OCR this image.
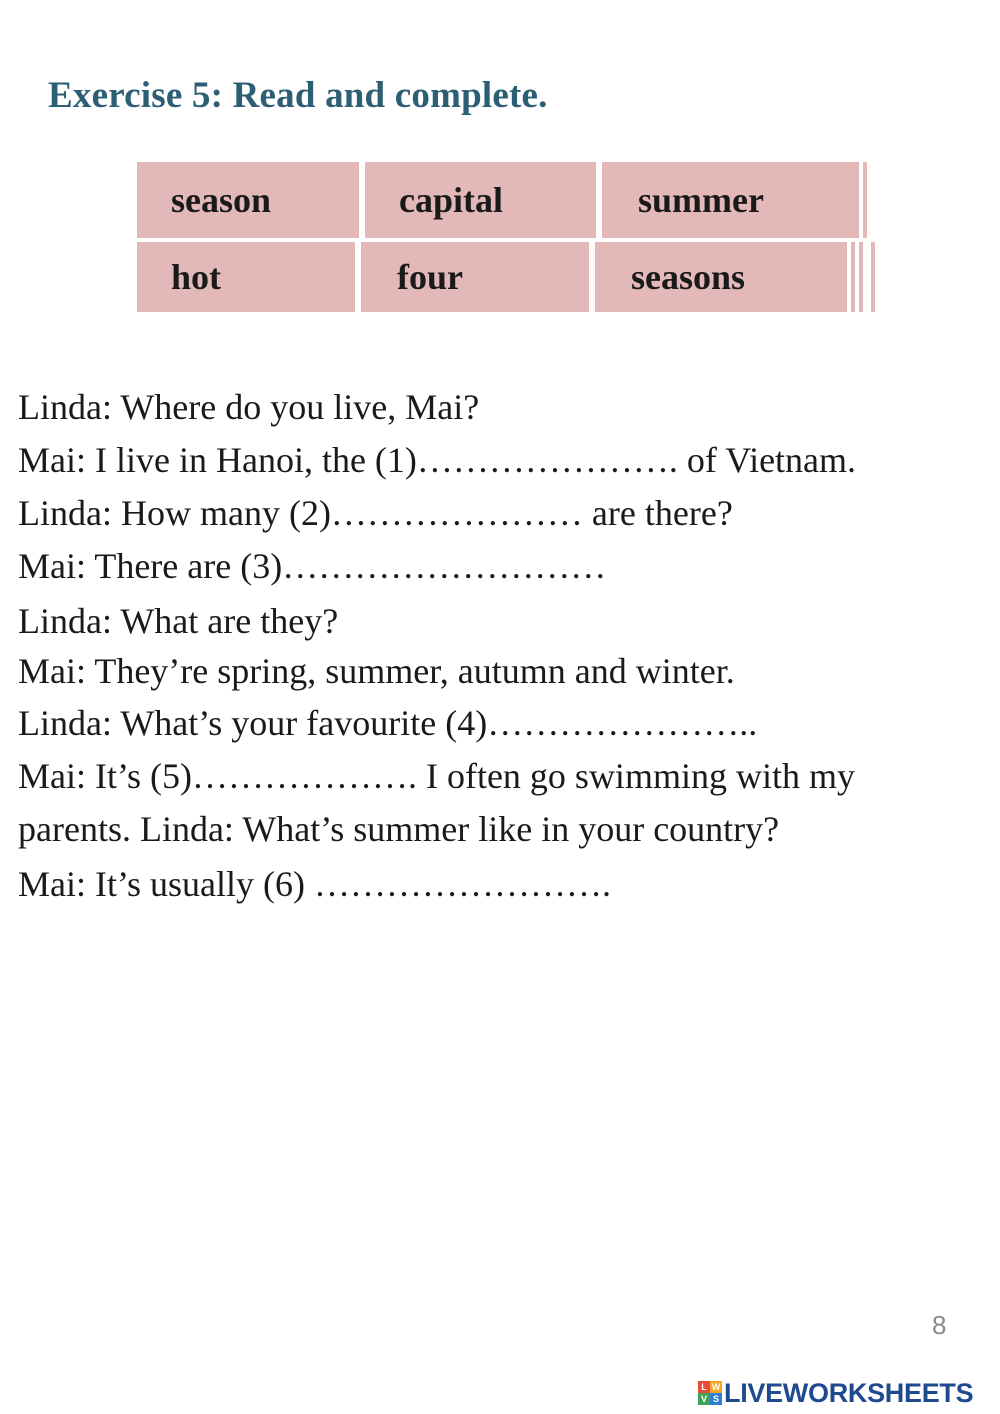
Exercise 5: Read and complete.
season	capital	summer
hot	four	seasons
Linda: Where do you live, Mai?
Mai: I live in Hanoi, the (1)…………………. of Vietnam.
Linda: How many (2)………………… are there?
Mai: There are (3)………………………
Linda: What are they?
Mai: They’re spring, summer, autumn and winter.
Linda: What’s your favourite (4)…………………..
Mai: It’s (5)………………. I often go swimming with my
parents. Linda: What’s summer like in your country?
Mai: It’s usually (6) …………………….
8
L W
V S LIVEWORKSHEETS
